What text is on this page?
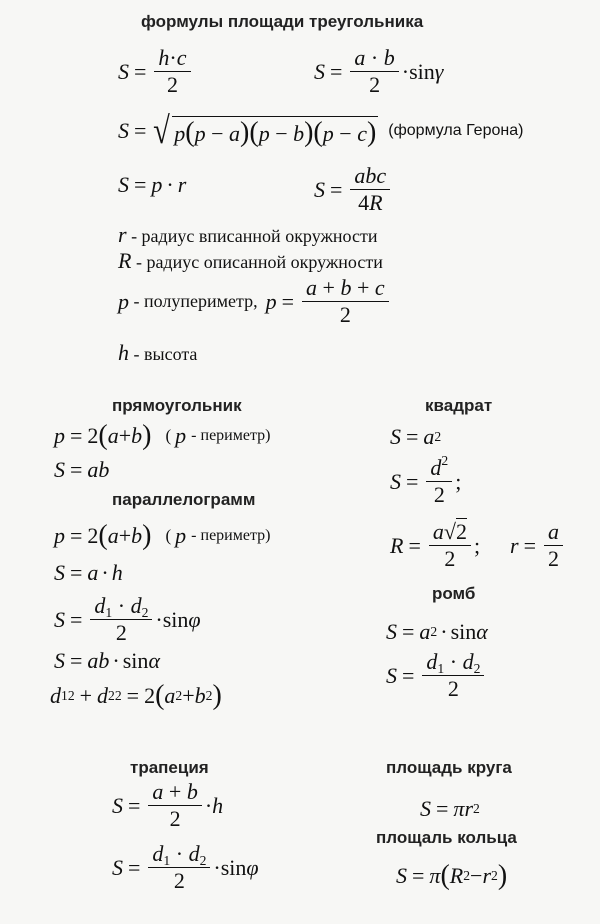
формулы площади треугольника
$S = \frac{h\cdot c}{2}$	$S = \frac{a \cdot b}{2} \cdot \sin \gamma$
S = √ p(p − a)(p − b)(p − c) (формула Герона)
S = p · r	$S = \frac{\text{abc}}{4R}$
r - радиус вписанной окружности
R - радиус описанной окружности
p
- полупериметр, $p = \frac{a + b + c}{2}$
h - высота
прямоугольник
p = 2 ( a + b ) ( p - периметр)
S = ab
параллелограмм
p = 2 ( a + b ) ( p - периметр)
S = a · h
$S = \frac{d_1 \cdot d_2}{2} \cdot \sin \varphi$
S = ab · sin α
d 1 2 + d 2 2 = 2 ( a 2 + b 2 )
квадрат
S = a 2
$S = \frac{d^2}{2}$ ;
$R = \frac{a√2}{2}$ ; $r = \frac{a}{2}$
ромб
S = a 2 · sin α
$S = \frac{d_1 \cdot d_2}{2}$
трапеция
$S = \frac{a + b}{2} \cdot h$
$S = \frac{d_1 \cdot d_2}{2} \cdot \sin \varphi$
площадь круга
S = πr 2
площаль кольца
S = π ( R 2 − r 2 )
